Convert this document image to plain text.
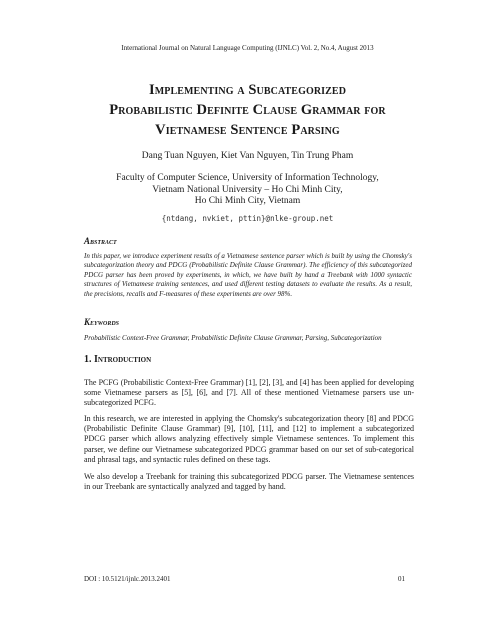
International Journal on Natural Language Computing (IJNLC) Vol. 2, No.4, August 2013
Implementing a Subcategorized
Probabilistic Definite Clause Grammar for
Vietnamese Sentence Parsing
Dang Tuan Nguyen, Kiet Van Nguyen, Tin Trung Pham
Faculty of Computer Science, University of Information Technology,
Vietnam National University – Ho Chi Minh City,
Ho Chi Minh City, Vietnam
{ntdang, nvkiet, pttin}@nlke-group.net
Abstract
In this paper, we introduce experiment results of a Vietnamese sentence parser which is built by using the Chomsky's subcategorization theory and PDCG (Probabilistic Definite Clause Grammar). The efficiency of this subcategorized PDCG parser has been proved by experiments, in which, we have built by hand a Treebank with 1000 syntactic structures of Vietnamese training sentences, and used different testing datasets to evaluate the results. As a result, the precisions, recalls and F-measures of these experiments are over 98%.
Keywords
Probabilistic Context-Free Grammar, Probabilistic Definite Clause Grammar, Parsing, Subcategorization
1. Introduction
The PCFG (Probabilistic Context-Free Grammar) [1], [2], [3], and [4] has been applied for developing some Vietnamese parsers as [5], [6], and [7]. All of these mentioned Vietnamese parsers use un-subcategorized PCFG.
In this research, we are interested in applying the Chomsky's subcategorization theory [8] and PDCG (Probabilistic Definite Clause Grammar) [9], [10], [11], and [12] to implement a subcategorized PDCG parser which allows analyzing effectively simple Vietnamese sentences. To implement this parser, we define our Vietnamese subcategorized PDCG grammar based on our set of sub-categorical and phrasal tags, and syntactic rules defined on these tags.
We also develop a Treebank for training this subcategorized PDCG parser. The Vietnamese sentences in our Treebank are syntactically analyzed and tagged by hand.
DOI : 10.5121/ijnlc.2013.2401	01
